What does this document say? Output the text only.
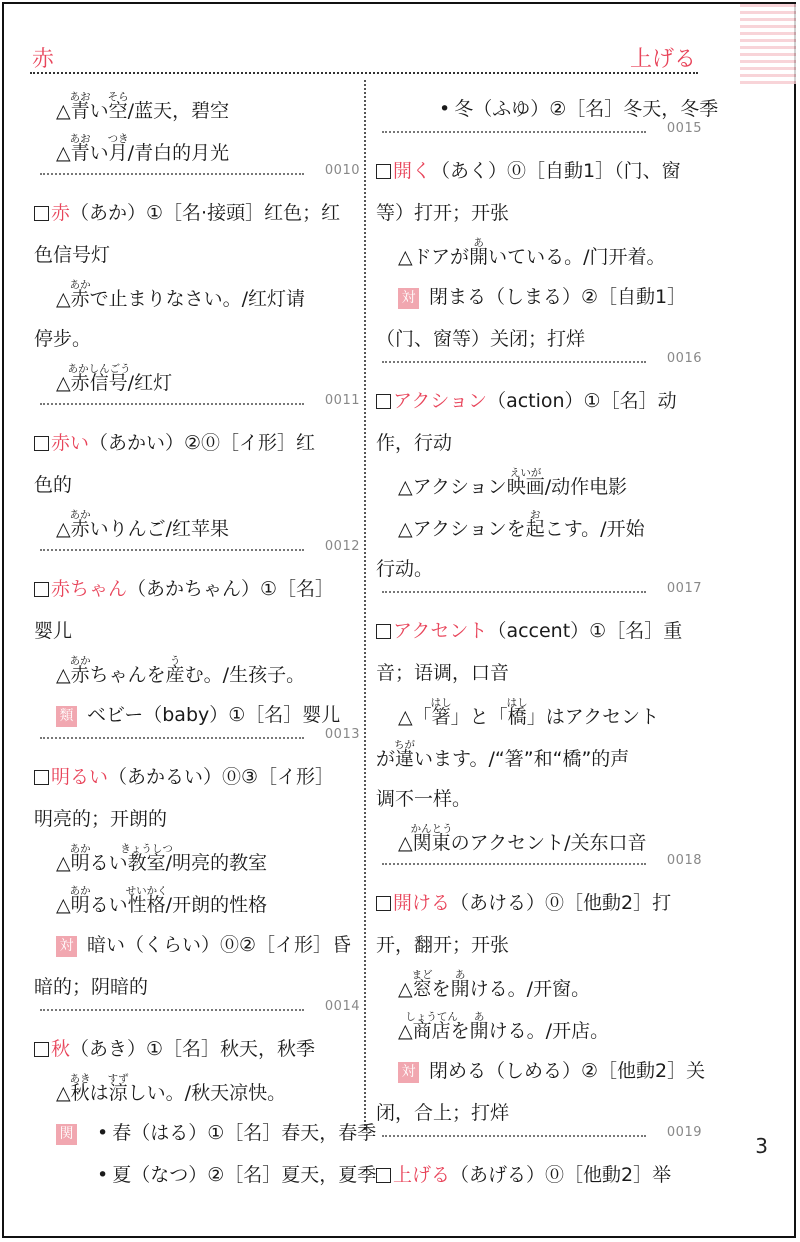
赤	上げる
△
あお
青い
そら
空/蓝天，碧空
△
あお
青い
つき
月/青白的月光
0010
赤（あか）①［名·接頭］红色；红
色信号灯
△
あか
赤で止まりなさい。/红灯请
停步。
△
あかしんごう
赤信号/红灯
0011
赤い（あかい）②⓪［イ形］红
色的
△
あか
赤いりんご/红苹果
0012
赤ちゃん（あかちゃん）①［名］
婴儿
△
あか
赤ちゃんを
う
産む。/生孩子。
類 ベビー（baby）①［名］婴儿
0013
明るい（あかるい）⓪③［イ形］
明亮的；开朗的
△
あか
明るい
きょうしつ
教室/明亮的教室
△
あか
明るい
せいかく
性格/开朗的性格
対 暗い（くらい）⓪②［イ形］昏
暗的；阴暗的
0014
秋（あき）①［名］秋天，秋季
△
あき
秋は
すず
涼しい。/秋天凉快。
関 • 春（はる）①［名］春天，春季
• 夏（なつ）②［名］夏天，夏季
• 冬（ふゆ）②［名］冬天，冬季
0015
開く（あく）⓪［自動1］（门、窗
等）打开；开张
△ドアが
あ
開いている。/门开着。
対 閉まる（しまる）②［自動1］
（门、窗等）关闭；打烊
0016
アクション（action）①［名］动
作，行动
△アクション
えいが
映画/动作电影
△アクションを
お
起こす。/开始
行动。
0017
アクセント（accent）①［名］重
音；语调，口音
△「
はし
箸」と「
はし
橋」はアクセント
が
ちが
違います。/“箸”和“橋”的声
调不一样。
△
かんとう
関東のアクセント/关东口音
0018
開ける（あける）⓪［他動2］打
开，翻开；开张
△
まど
窓を
あ
開ける。/开窗。
△
しょうてん
商店を
あ
開ける。/开店。
対 閉める（しめる）②［他動2］关
闭，合上；打烊
0019
上げる（あげる）⓪［他動2］举
3
